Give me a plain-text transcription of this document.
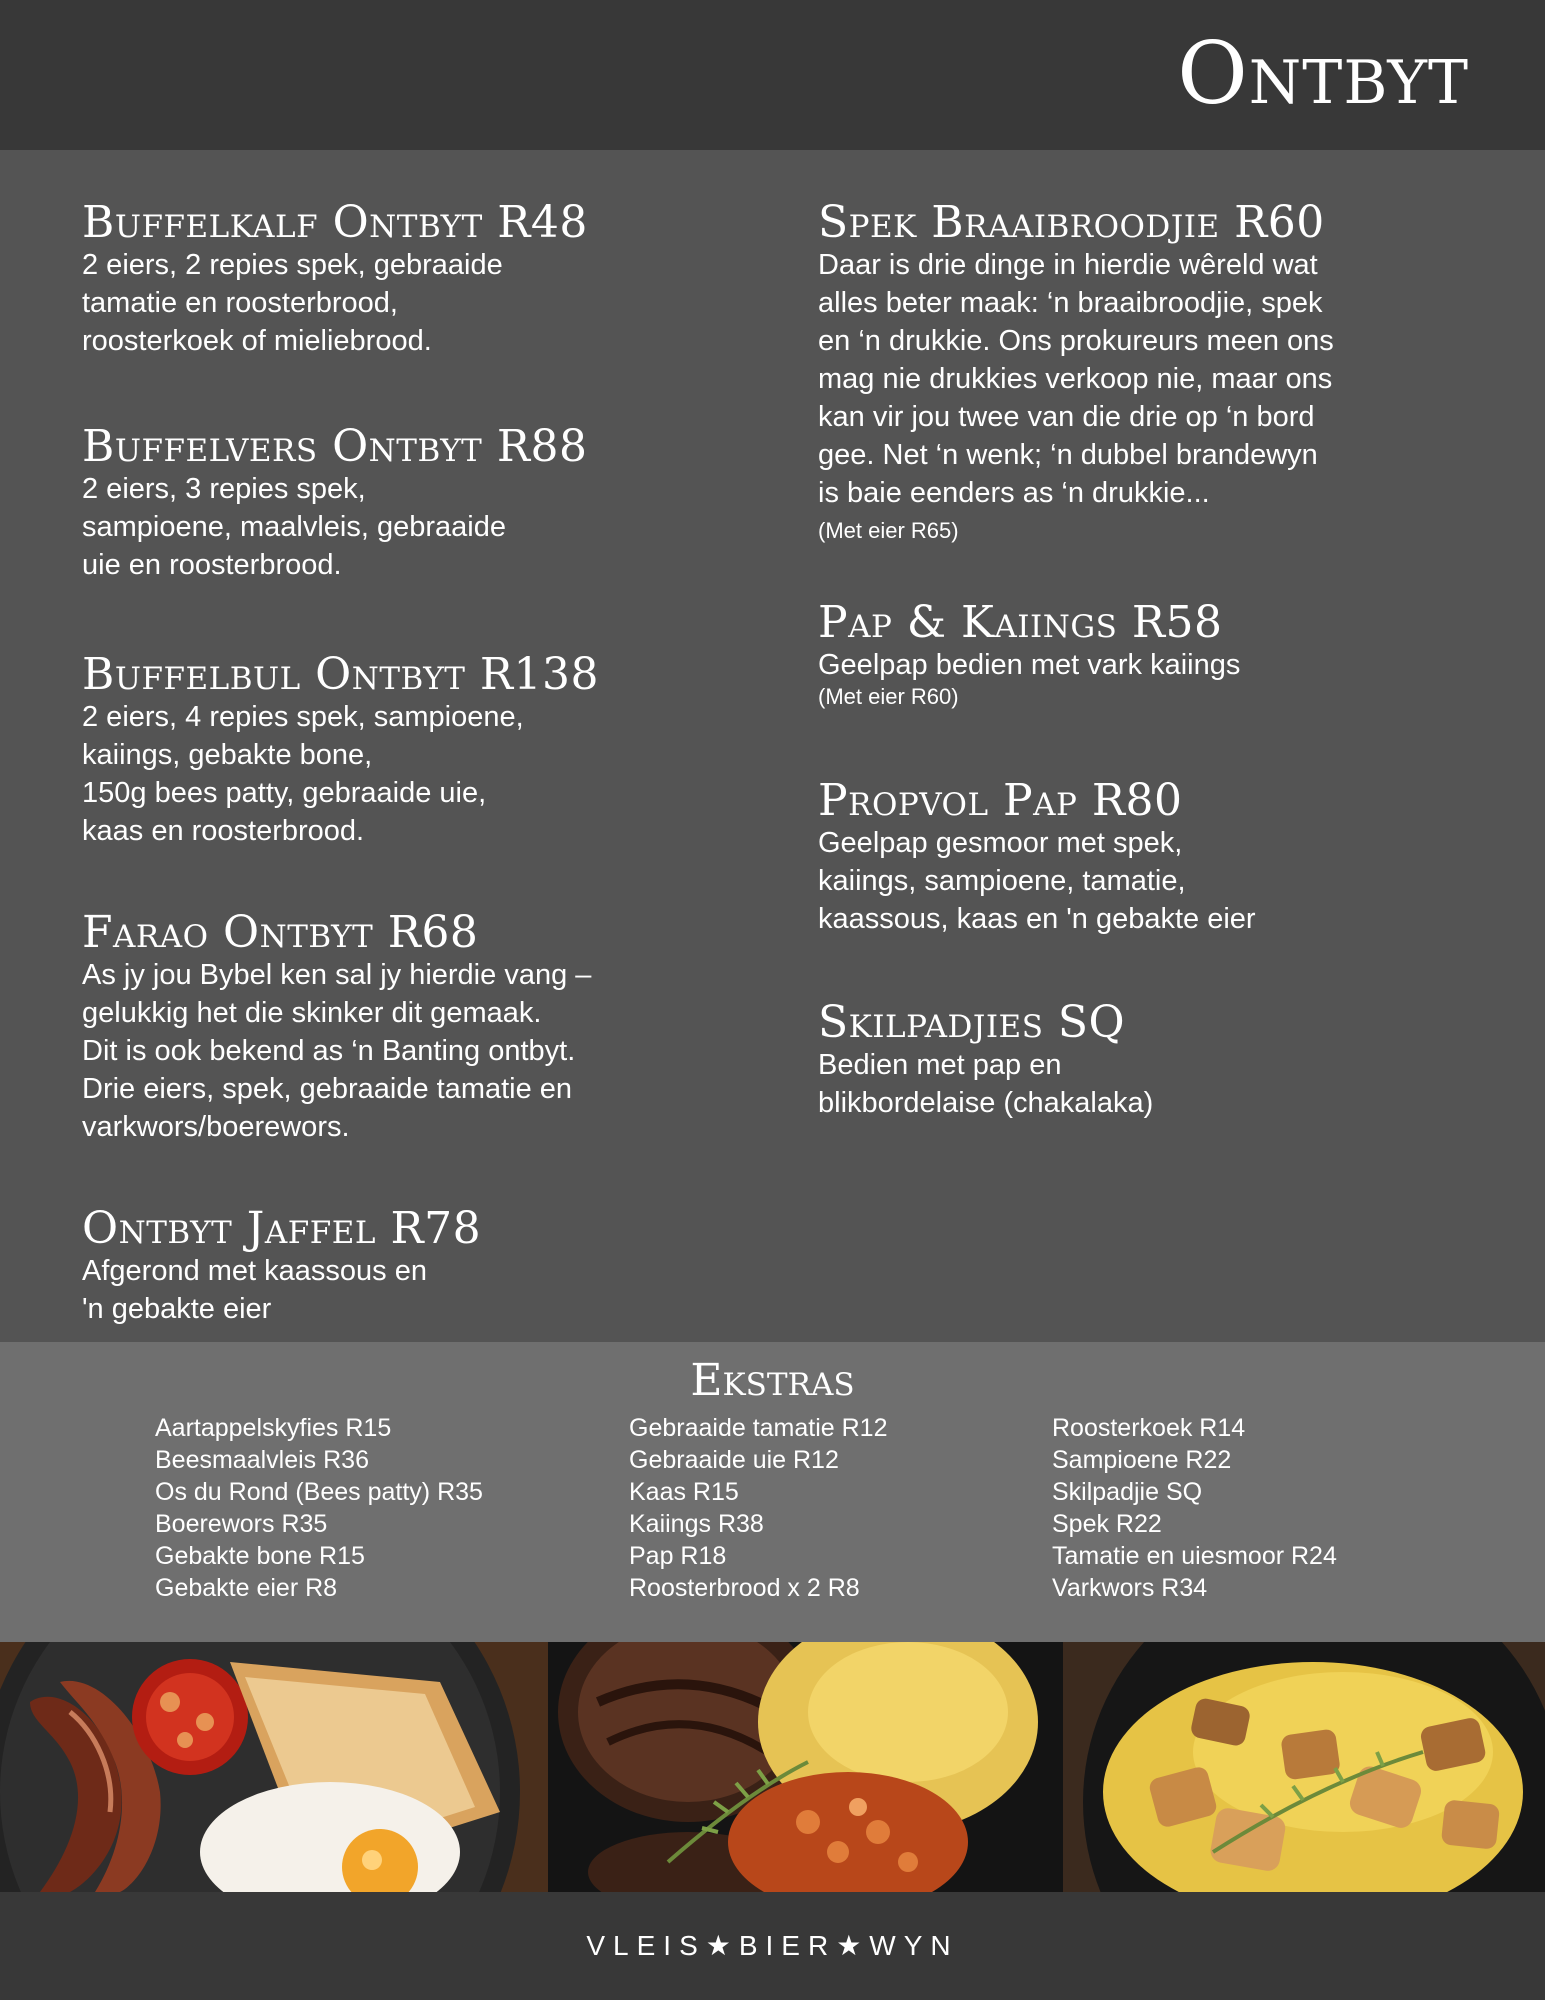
Ontbyt
Buffelkalf Ontbyt R48
2 eiers, 2 repies spek, gebraaide
tamatie en roosterbrood,
roosterkoek of mieliebrood.
Buffelvers Ontbyt R88
2 eiers, 3 repies spek,
sampioene, maalvleis, gebraaide
uie en roosterbrood.
Buffelbul Ontbyt R138
2 eiers, 4 repies spek, sampioene,
kaiings, gebakte bone,
150g bees patty, gebraaide uie,
kaas en roosterbrood.
Farao Ontbyt R68
As jy jou Bybel ken sal jy hierdie vang –
gelukkig het die skinker dit gemaak.
Dit is ook bekend as ‘n Banting ontbyt.
Drie eiers, spek, gebraaide tamatie en
varkwors/boerewors.
Ontbyt Jaffel R78
Afgerond met kaassous en
'n gebakte eier
Spek Braaibroodjie R60
Daar is drie dinge in hierdie wêreld wat
alles beter maak: ‘n braaibroodjie, spek
en ‘n drukkie. Ons prokureurs meen ons
mag nie drukkies verkoop nie, maar ons
kan vir jou twee van die drie op ‘n bord
gee. Net ‘n wenk; ‘n dubbel brandewyn
is baie eenders as ‘n drukkie...
(Met eier R65)
Pap & Kaiings R58
Geelpap bedien met vark kaiings
(Met eier R60)
Propvol Pap R80
Geelpap gesmoor met spek,
kaiings, sampioene, tamatie,
kaassous, kaas en 'n gebakte eier
Skilpadjies SQ
Bedien met pap en
blikbordelaise (chakalaka)
Ekstras
Aartappelskyfies R15
Beesmaalvleis R36
Os du Rond (Bees patty) R35
Boerewors R35
Gebakte bone R15
Gebakte eier R8
Gebraaide tamatie R12
Gebraaide uie R12
Kaas R15
Kaiings R38
Pap R18
Roosterbrood x 2 R8
Roosterkoek R14
Sampioene R22
Skilpadjie SQ
Spek R22
Tamatie en uiesmoor R24
Varkwors R34
VLEIS★BIER★WYN
